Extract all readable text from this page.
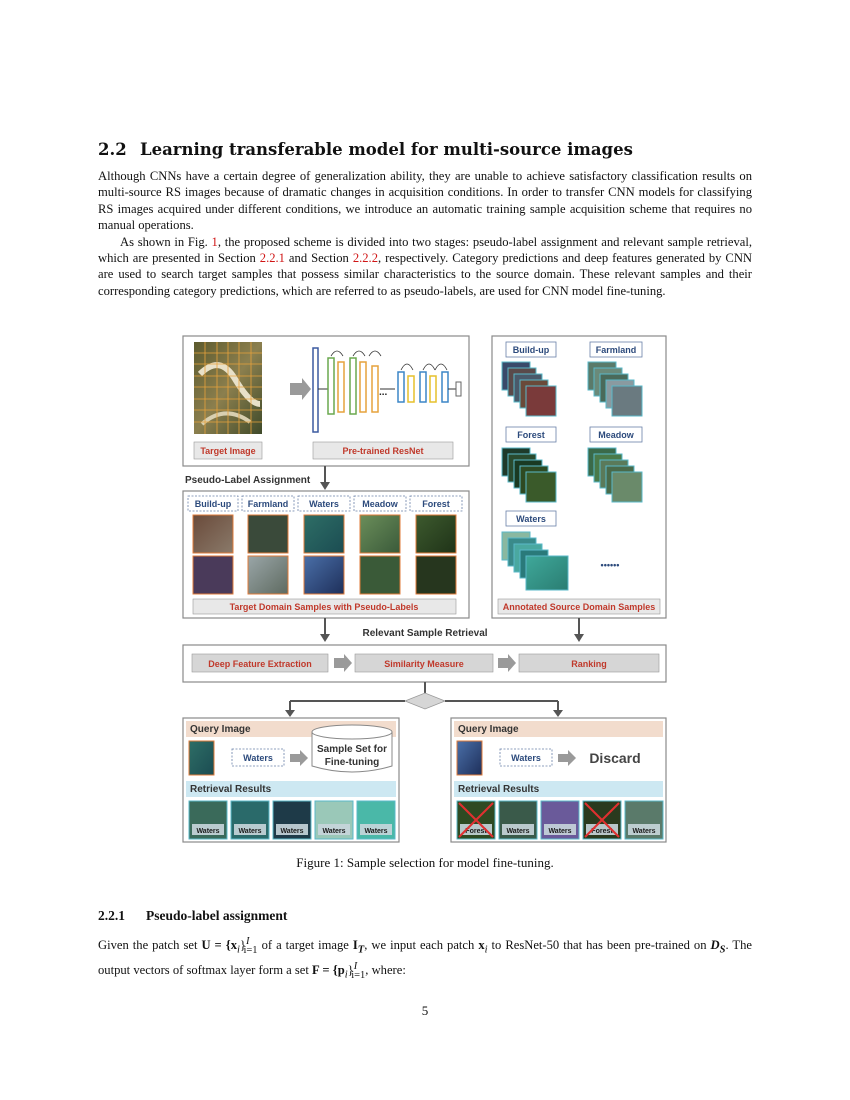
2.2 Learning transferable model for multi-source images

Although CNNs have a certain degree of generalization ability, they are unable to achieve satisfactory classification results on multi-source RS images because of dramatic changes in acquisition conditions. In order to transfer CNN models for classifying RS images acquired under different conditions, we introduce an automatic training sample acquisition scheme that requires no manual operations.

As shown in Fig. 1, the proposed scheme is divided into two stages: pseudo-label assignment and relevant sample retrieval, which are presented in Section 2.2.1 and Section 2.2.2, respectively. Category predictions and deep features generated by CNN are used to search target samples that possess similar characteristics to the source domain. These relevant samples and their corresponding category predictions, which are referred to as pseudo-labels, are used for CNN model fine-tuning.

...
Target Image	Pre-trained ResNet
Pseudo-Label Assignment
Build-up Farmland Waters	Meadow	Forest
Target Domain Samples with Pseudo-Labels
Build-up	Farmland
Forest	Meadow
Waters
••••••
Annotated Source Domain Samples
Relevant Sample Retrieval
Deep Feature Extraction	Similarity Measure	Ranking
Query Image
Waters
Sample Set for
Fine-tuning
Retrieval Results
Waters	Waters	Waters	Waters	Waters
Query Image
Waters	Discard
Retrieval Results
Forest	Waters	Waters	Forest	Waters
Figure 1: Sample selection for model fine-tuning.
2.2.1 Pseudo-label assignment
Given the patch set $U = \{x_i\}^I_{i=1}$ of a target image $I_T$, we input each patch $x_i$ to ResNet-50 that has been pre-trained on $D_S$. The output vectors of softmax layer form a set $F = \{p_i\}^I_{i=1}$, where:
5
